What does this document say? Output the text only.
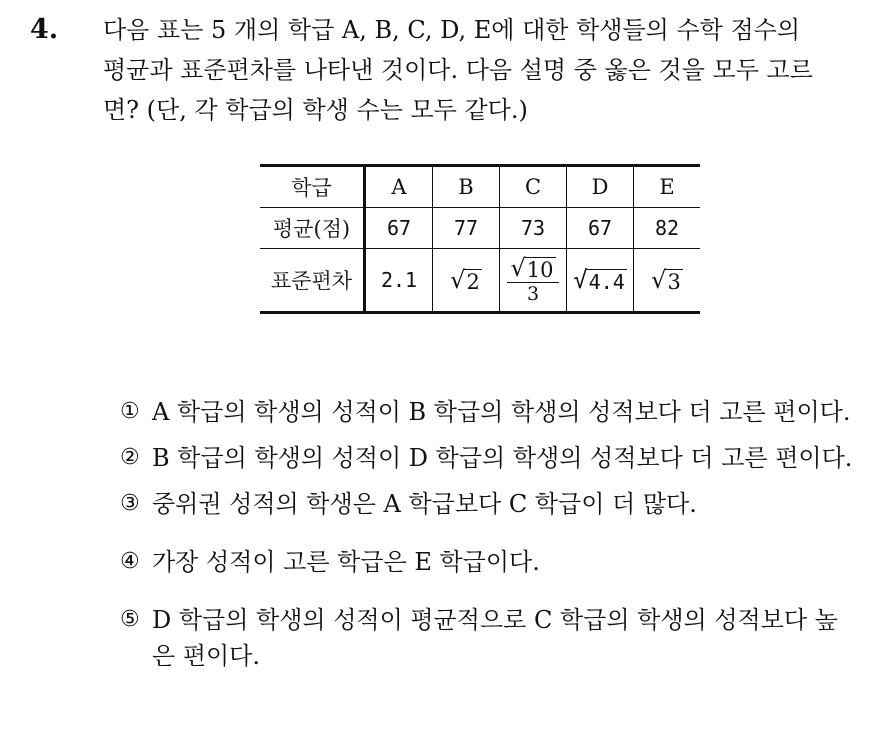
4. 다음 표는 5 개의 학급 A, B, C, D, E에 대한 학생들의 수학 점수의
평균과 표준편차를 나타낸 것이다. 다음 설명 중 옳은 것을 모두 고르
면? (단, 각 학급의 학생 수는 모두 같다.)
학급	A	B	C	D	E
평균(점)	67	77	73	67	82
표준편차	2.1	√ 2	$\frac{√ 10}{3}$	√ 4.4	√ 3
① A 학급의 학생의 성적이 B 학급의 학생의 성적보다 더 고른 편이다.
② B 학급의 학생의 성적이 D 학급의 학생의 성적보다 더 고른 편이다.
③ 중위권 성적의 학생은 A 학급보다 C 학급이 더 많다.
④ 가장 성적이 고른 학급은 E 학급이다.
⑤ D 학급의 학생의 성적이 평균적으로 C 학급의 학생의 성적보다 높은 편이다.
